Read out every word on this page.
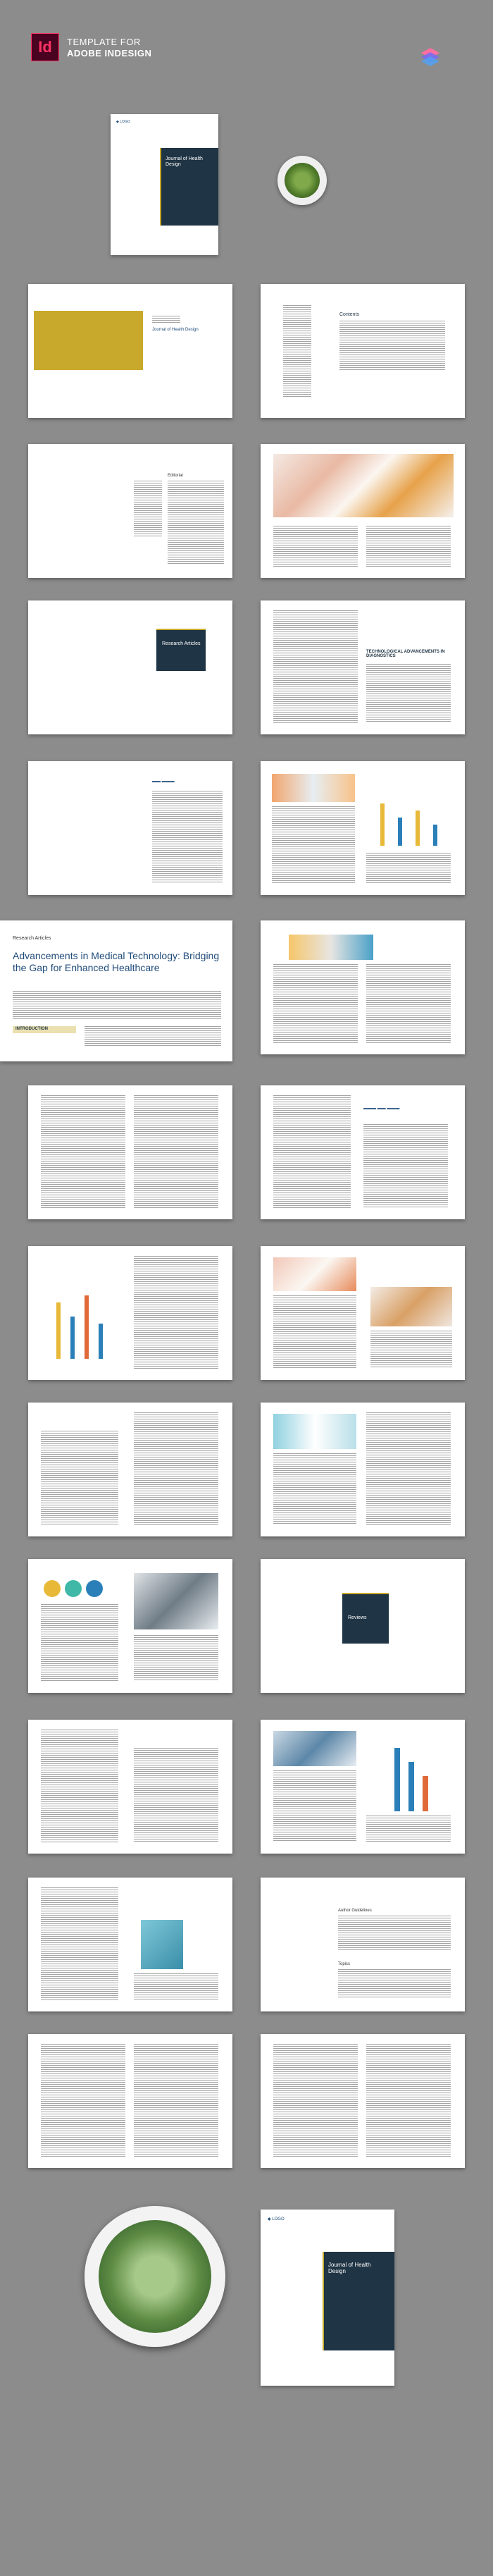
Id TEMPLATE FOR
ADOBE INDESIGN
Journal of Health Design
◆ LOGO
Journal of Health Design
Contents
Editorial
Research Articles
TECHNOLOGICAL ADVANCEMENTS IN DIAGNOSTICS
▬▬ ▬▬▬
Research Articles
Advancements in Medical Technology: Bridging the Gap for Enhanced Healthcare
INTRODUCTION
▬▬▬ ▬▬ ▬▬▬
Reviews
Author Guidelines
Topics
Journal of Health Design
◆ LOGO
